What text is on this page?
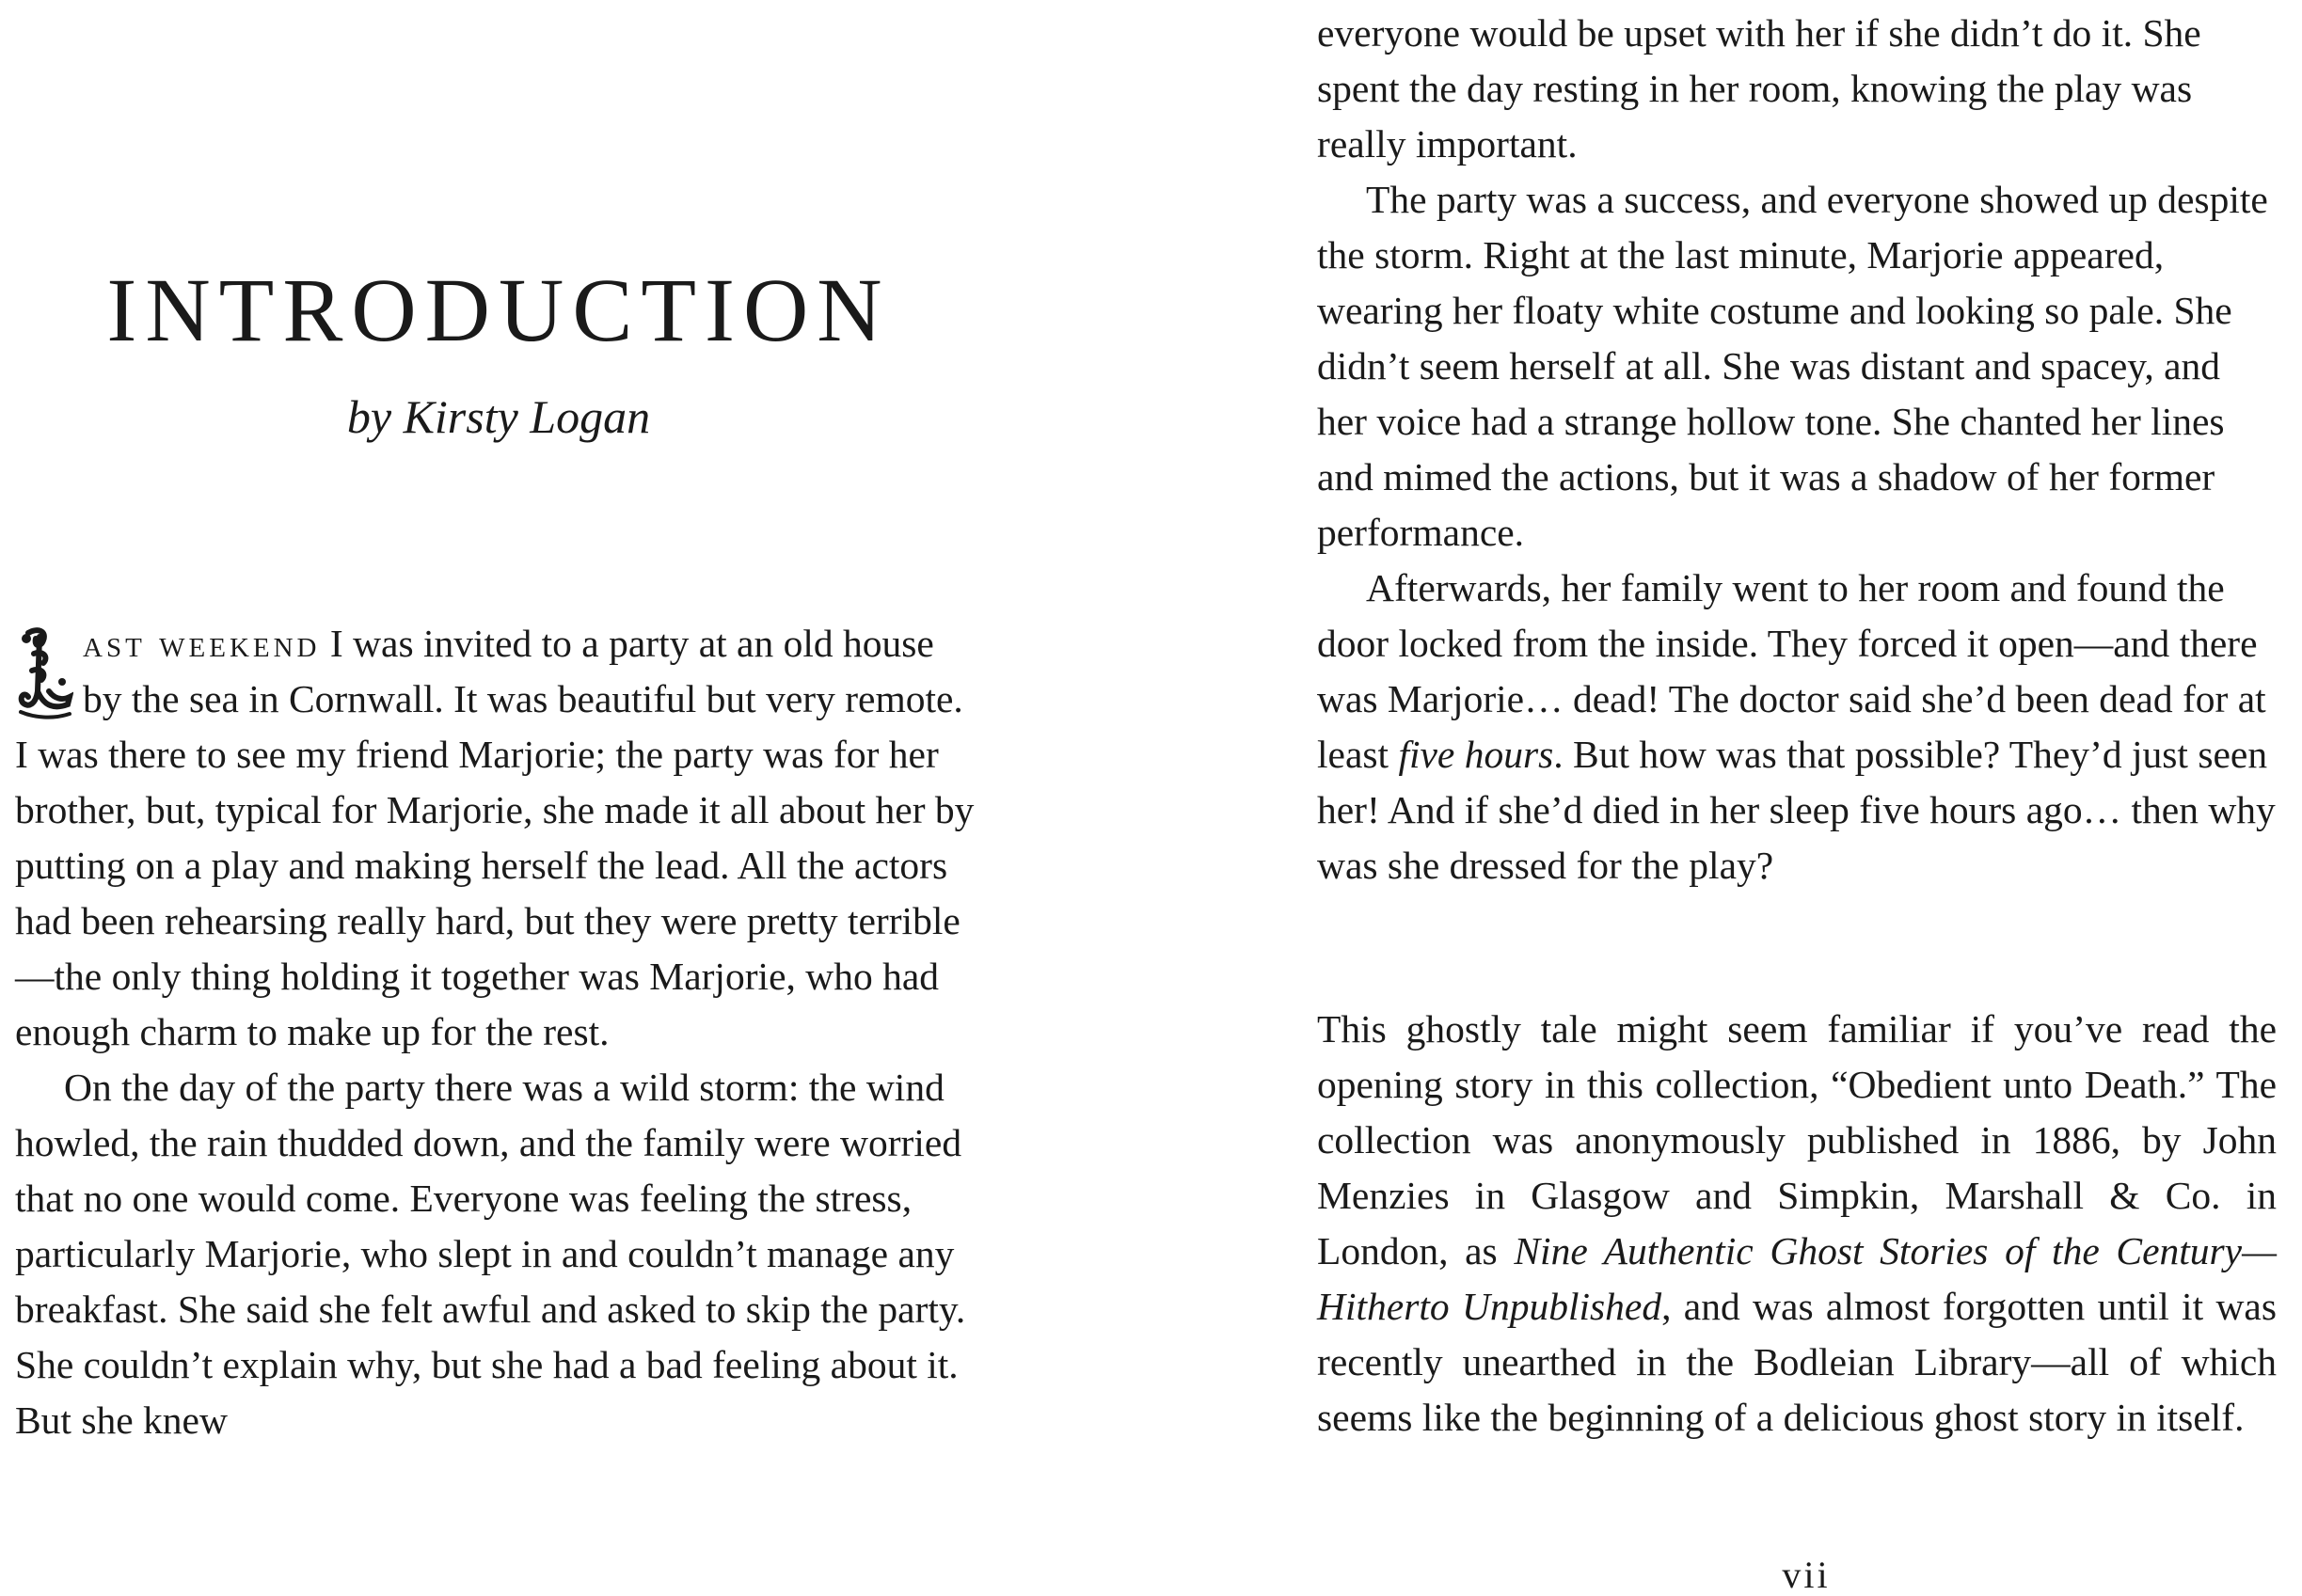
INTRODUCTION
by Kirsty Logan

ast weekend I was invited to a party at an old house by the sea in Cornwall. It was beautiful but very remote. I was there to see my friend Marjorie; the party was for her brother, but, typical for Marjorie, she made it all about her by putting on a play and making herself the lead. All the actors had been rehearsing really hard, but they were pretty terrible—the only thing holding it together was Marjorie, who had enough charm to make up for the rest.

On the day of the party there was a wild storm: the wind howled, the rain thudded down, and the family were worried that no one would come. Everyone was feeling the stress, particularly Marjorie, who slept in and couldn’t manage any breakfast. She said she felt awful and asked to skip the party. She couldn’t explain why, but she had a bad feeling about it. But she knew

everyone would be upset with her if she didn’t do it. She spent the day resting in her room, knowing the play was really important.

The party was a success, and everyone showed up despite the storm. Right at the last minute, Marjorie appeared, wearing her floaty white costume and looking so pale. She didn’t seem herself at all. She was distant and spacey, and her voice had a strange hollow tone. She chanted her lines and mimed the actions, but it was a shadow of her former performance.

Afterwards, her family went to her room and found the door locked from the inside. They forced it open—and there was Marjorie… dead! The doctor said she’d been dead for at least five hours. But how was that possible? They’d just seen her! And if she’d died in her sleep five hours ago… then why was she dressed for the play?

This ghostly tale might seem familiar if you’ve read the opening story in this collection, “Obedient unto Death.” The collection was anonymously published in 1886, by John Menzies in Glasgow and Simpkin, Marshall & Co. in London, as Nine Authentic Ghost Stories of the Century—Hitherto Unpublished, and was almost forgotten until it was recently unearthed in the Bodleian Library—all of which seems like the beginning of a delicious ghost story in itself.

vii
